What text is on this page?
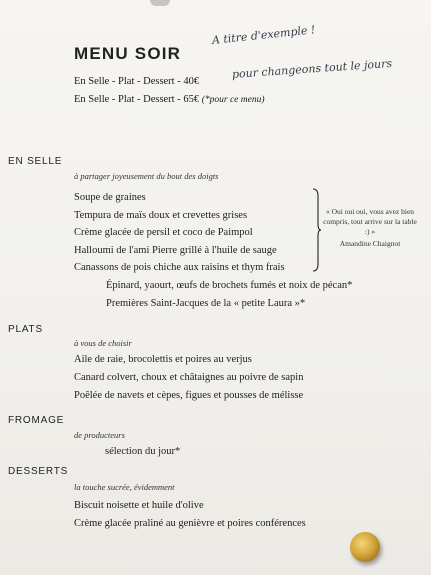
MENU SOIR
A titre d'exemple !
pour changeons tout le jours
En Selle - Plat - Dessert - 40€
En Selle - Plat - Dessert - 65€ (*pour ce menu)
EN SELLE
à partager joyeusement du bout des doigts
Soupe de graines
Tempura de maïs doux et crevettes grises
Crème glacée de persil et coco de Paimpol
Halloumi de l'ami Pierre grillé à l'huile de sauge
Canassons de pois chiche aux raisins et thym frais
Épinard, yaourt, œufs de brochets fumés et noix de pécan*
Premières Saint-Jacques de la « petite Laura »*
« Oui oui oui, vous avez bien compris, tout arrive sur la table :) »
Amandine Chaignot
PLATS
à vous de choisir
Aile de raie, brocolettis et poires au verjus
Canard colvert, choux et châtaignes au poivre de sapin
Poêlée de navets et cèpes, figues et pousses de mélisse
FROMAGE
de producteurs
sélection du jour*
DESSERTS
la touche sucrée, évidemment
Biscuit noisette et huile d'olive
Crème glacée praliné au genièvre et poires conférences
